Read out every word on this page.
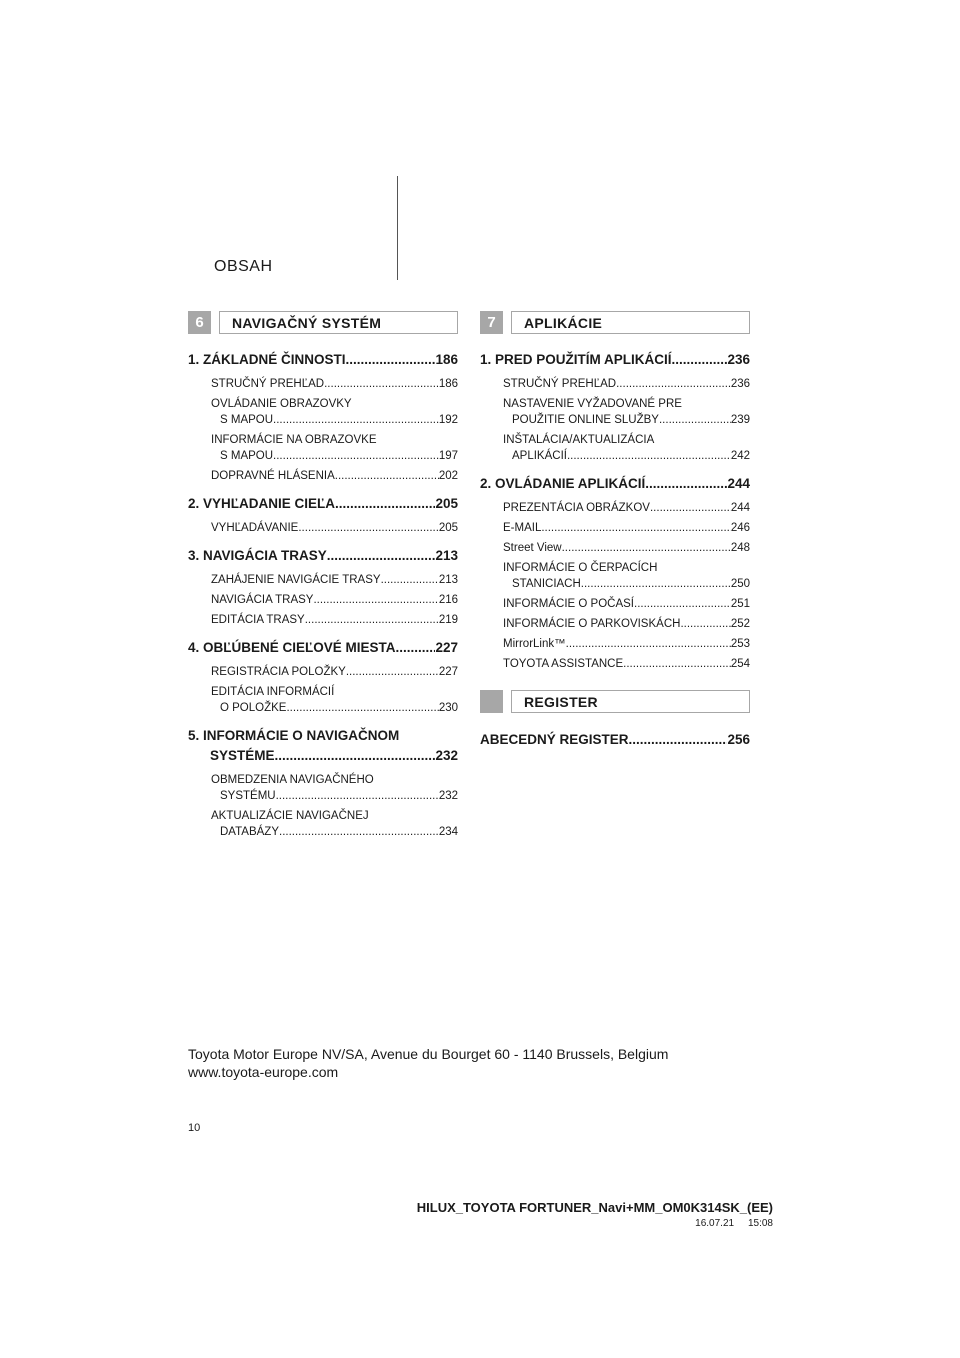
OBSAH
6	NAVIGAČNÝ SYSTÉM
1. ZÁKLADNÉ ČINNOSTI .....	186
STRUČNÝ PREHĽAD .....	186
OVLÁDANIE OBRAZOVKY
S MAPOU .....	192
INFORMÁCIE NA OBRAZOVKE
S MAPOU .....	197
DOPRAVNÉ HLÁSENIA .....	202
2. VYHĽADANIE CIEĽA .....	205
VYHĽADÁVANIE .....	205
3. NAVIGÁCIA TRASY .....	213
ZAHÁJENIE NAVIGÁCIE TRASY .....	213
NAVIGÁCIA TRASY .....	216
EDITÁCIA TRASY .....	219
4. OBĽÚBENÉ CIEĽOVÉ MIESTA .....	227
REGISTRÁCIA POLOŽKY .....	227
EDITÁCIA INFORMÁCIÍ
O POLOŽKE .....	230
5. INFORMÁCIE O NAVIGAČNOM
SYSTÉME .....	232
OBMEDZENIA NAVIGAČNÉHO
SYSTÉMU .....	232
AKTUALIZÁCIE NAVIGAČNEJ
DATABÁZY .....	234
7	APLIKÁCIE
1. PRED POUŽITÍM APLIKÁCIÍ .....	236
STRUČNÝ PREHĽAD .....	236
NASTAVENIE VYŽADOVANÉ PRE
POUŽITIE ONLINE SLUŽBY .....	239
INŠTALÁCIA/AKTUALIZÁCIA
APLIKÁCIÍ .....	242
2. OVLÁDANIE APLIKÁCIÍ .....	244
PREZENTÁCIA OBRÁZKOV .....	244
E-MAIL .....	246
Street View .....	248
INFORMÁCIE O ČERPACÍCH
STANICIACH .....	250
INFORMÁCIE O POČASÍ .....	251
INFORMÁCIE O PARKOVISKÁCH .....	252
MirrorLink™ .....	253
TOYOTA ASSISTANCE .....	254
REGISTER
ABECEDNÝ REGISTER .....	256
Toyota Motor Europe NV/SA, Avenue du Bourget 60 - 1140 Brussels, Belgium
www.toyota-europe.com
10
HILUX_TOYOTA FORTUNER_Navi+MM_OM0K314SK_(EE)
16.07.21     15:08
